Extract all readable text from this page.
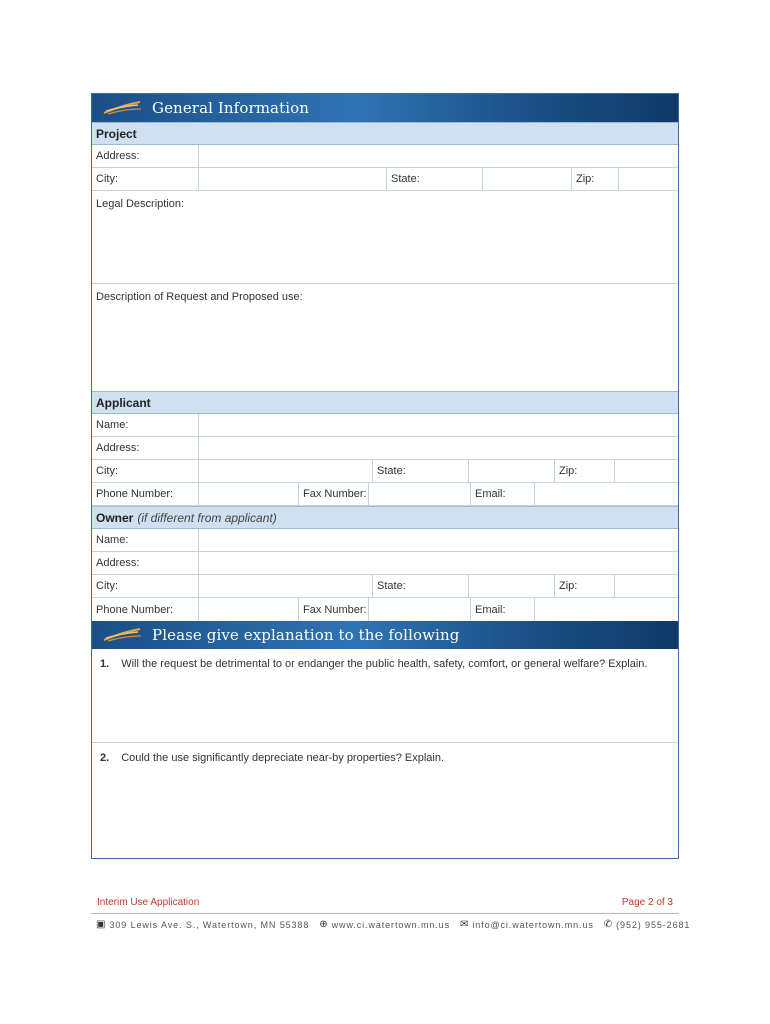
General Information
Project
Address:
City:	State:	Zip:
Legal Description:
Description of Request and Proposed use:
Applicant
Name:
Address:
City:	State:	Zip:
Phone Number:	Fax Number:	Email:
Owner (if different from applicant)
Name:
Address:
City:	State:	Zip:
Phone Number:	Fax Number:	Email:
Please give explanation to the following
1. Will the request be detrimental to or endanger the public health, safety, comfort, or general welfare? Explain.
2. Could the use significantly depreciate near-by properties? Explain.
Interim Use Application	Page 2 of 3
▣ 309 Lewis Ave. S., Watertown, MN 55388 ⊕ www.ci.watertown.mn.us ✉ info@ci.watertown.mn.us ✆ (952) 955-2681
